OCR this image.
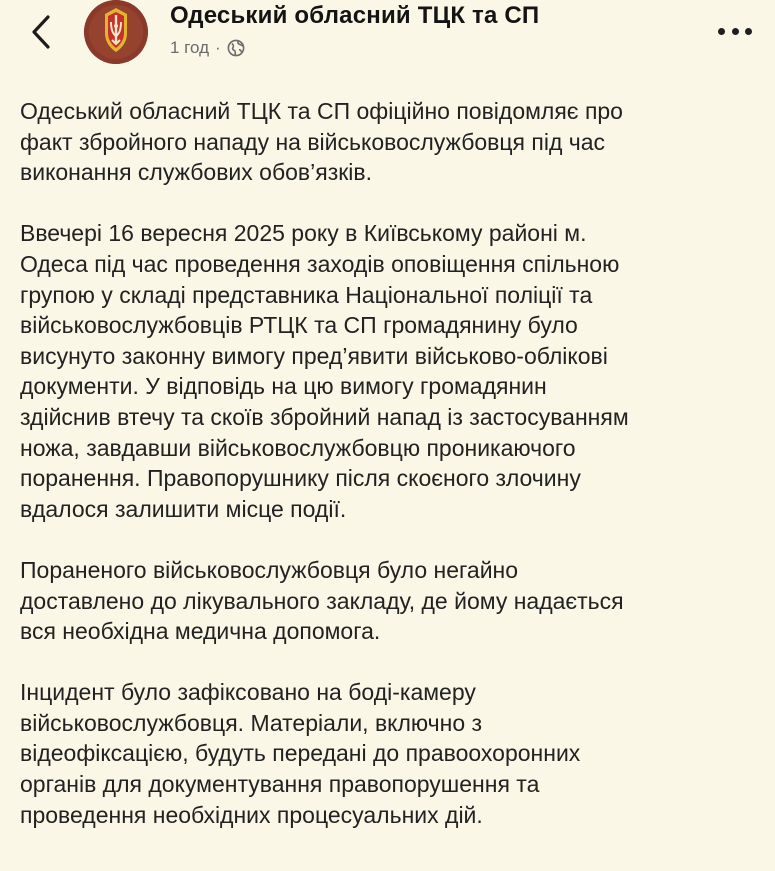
Одеський обласний ТЦК та СП
1 год ·

Одеський обласний ТЦК та СП офіційно повідомляє про
факт збройного нападу на військовослужбовця під час
виконання службових обов’язків.

Ввечері 16 вересня 2025 року в Київському районі м.
Одеса під час проведення заходів оповіщення спільною
групою у складі представника Національної поліції та
військовослужбовців РТЦК та СП громадянину було
висунуто законну вимогу пред’явити військово-облікові
документи. У відповідь на цю вимогу громадянин
здійснив втечу та скоїв збройний напад із застосуванням
ножа, завдавши військовослужбовцю проникаючого
поранення. Правопорушнику після скоєного злочину
вдалося залишити місце події.

Пораненого військовослужбовця було негайно
доставлено до лікувального закладу, де йому надається
вся необхідна медична допомога.

Інцидент було зафіксовано на боді-камеру
військовослужбовця. Матеріали, включно з
відеофіксацією, будуть передані до правоохоронних
органів для документування правопорушення та
проведення необхідних процесуальних дій.
